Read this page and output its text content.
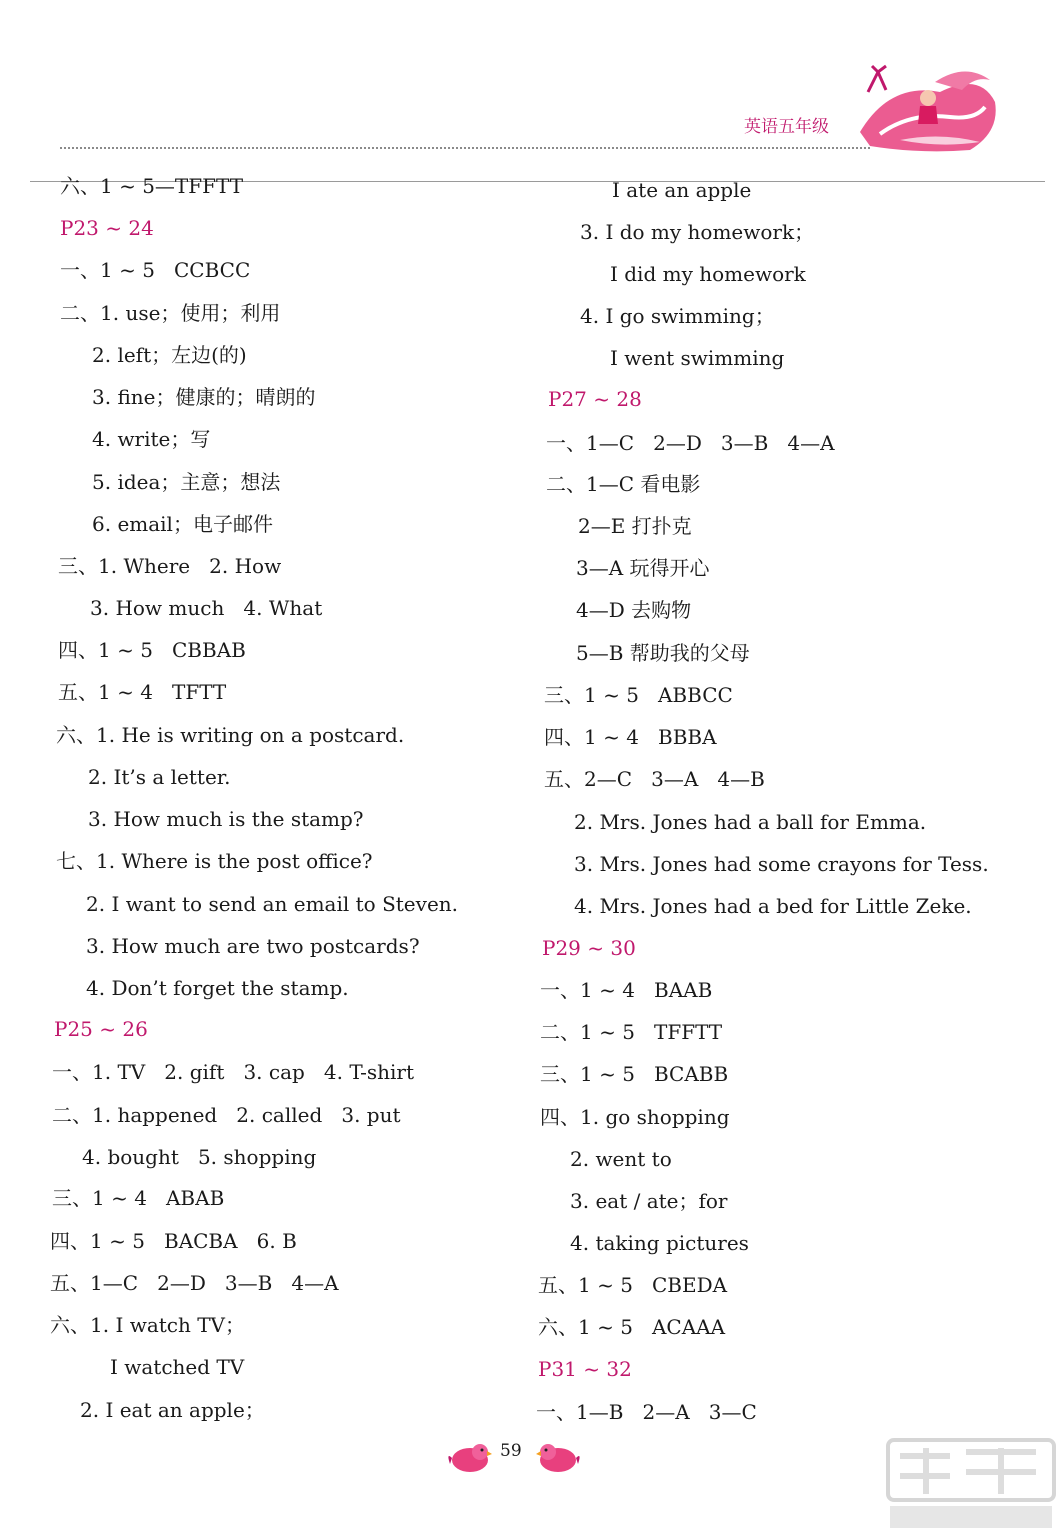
英语五年级
六、1 ~ 5—TFFTT
P23 ~ 24
一、1 ~ 5   CCBCC
二、1. use；使用；利用
2. left；左边(的)
3. fine；健康的；晴朗的
4. write；写
5. idea；主意；想法
6. email；电子邮件
三、1. Where   2. How
3. How much   4. What
四、1 ~ 5   CBBAB
五、1 ~ 4   TFTT
六、1. He is writing on a postcard.
2. It’s a letter.
3. How much is the stamp?
七、1. Where is the post office?
2. I want to send an email to Steven.
3. How much are two postcards?
4. Don’t forget the stamp.
P25 ~ 26
一、1. TV   2. gift   3. cap   4. T-shirt
二、1. happened   2. called   3. put
4. bought   5. shopping
三、1 ~ 4   ABAB
四、1 ~ 5   BACBA   6. B
五、1—C   2—D   3—B   4—A
六、1. I watch TV；
I watched TV
2. I eat an apple；
I ate an apple
3. I do my homework；
I did my homework
4. I go swimming；
I went swimming
P27 ~ 28
一、1—C   2—D   3—B   4—A
二、1—C 看电影
2—E 打扑克
3—A 玩得开心
4—D 去购物
5—B 帮助我的父母
三、1 ~ 5   ABBCC
四、1 ~ 4   BBBA
五、2—C   3—A   4—B
2. Mrs. Jones had a ball for Emma.
3. Mrs. Jones had some crayons for Tess.
4. Mrs. Jones had a bed for Little Zeke.
P29 ~ 30
一、1 ~ 4   BAAB
二、1 ~ 5   TFFTT
三、1 ~ 5   BCABB
四、1. go shopping
2. went to
3. eat / ate；for
4. taking pictures
五、1 ~ 5   CBEDA
六、1 ~ 5   ACAAA
P31 ~ 32
一、1—B   2—A   3—C
59
